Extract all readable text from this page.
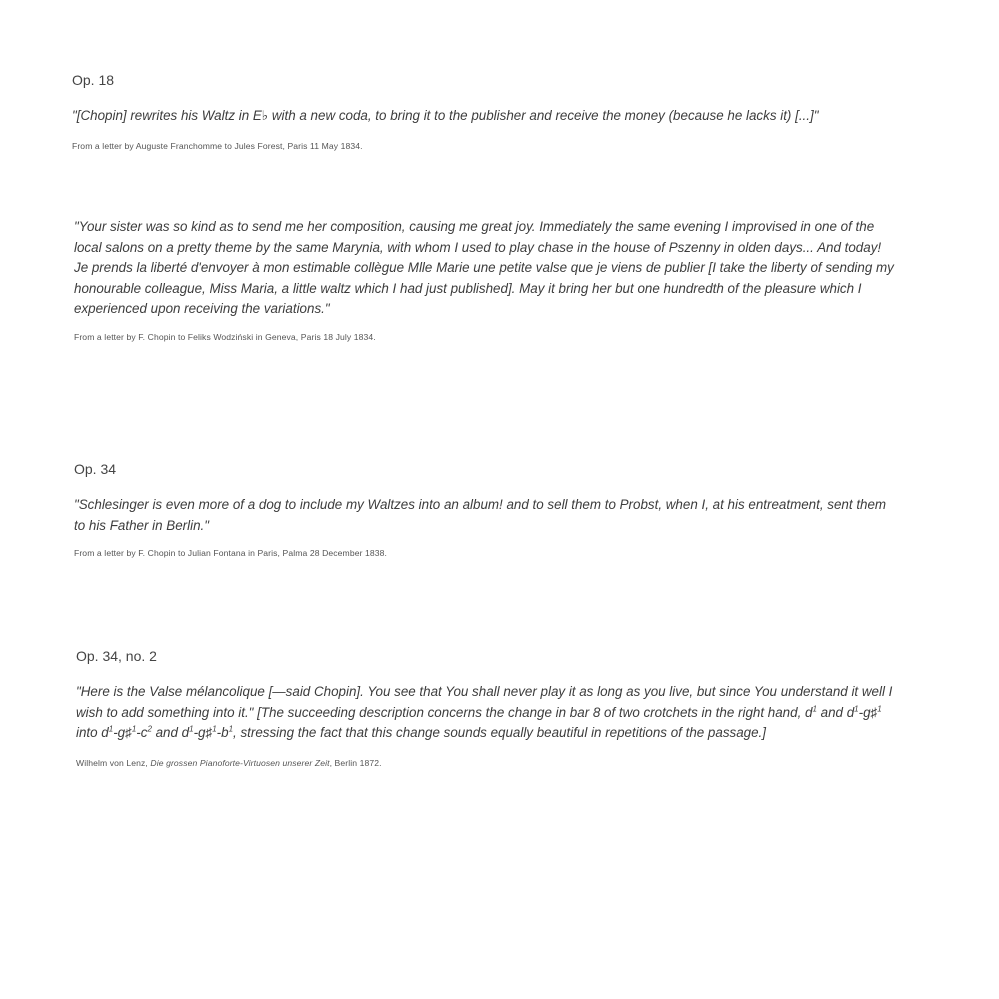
Op. 18

"[Chopin] rewrites his Waltz in E♭ with a new coda, to bring it to the publisher and receive the money (because he lacks it) [...]"

From a letter by Auguste Franchomme to Jules Forest, Paris 11 May 1834.

"Your sister was so kind as to send me her composition, causing me great joy. Immediately the same evening I improvised in one of the local salons on a pretty theme by the same Marynia, with whom I used to play chase in the house of Pszenny in olden days... And today! Je prends la liberté d'envoyer à mon estimable collègue Mlle Marie une petite valse que je viens de publier [I take the liberty of sending my honourable colleague, Miss Maria, a little waltz which I had just published]. May it bring her but one hundredth of the pleasure which I experienced upon receiving the variations."

From a letter by F. Chopin to Feliks Wodziński in Geneva, Paris 18 July 1834.
Op. 34

"Schlesinger is even more of a dog to include my Waltzes into an album! and to sell them to Probst, when I, at his entreatment, sent them to his Father in Berlin."

From a letter by F. Chopin to Julian Fontana in Paris, Palma 28 December 1838.
Op. 34, no. 2

"Here is the Valse mélancolique [—said Chopin]. You see that You shall never play it as long as you live, but since You understand it well I wish to add something into it." [The succeeding description concerns the change in bar 8 of two crotchets in the right hand, $d^1$ and $d^1-g♯^1$ into $d^1-g♯^1-c^2$ and $d^1-g♯^1-b^1$, stressing the fact that this change sounds equally beautiful in repetitions of the passage.]

Wilhelm von Lenz, Die grossen Pianoforte-Virtuosen unserer Zeit, Berlin 1872.
